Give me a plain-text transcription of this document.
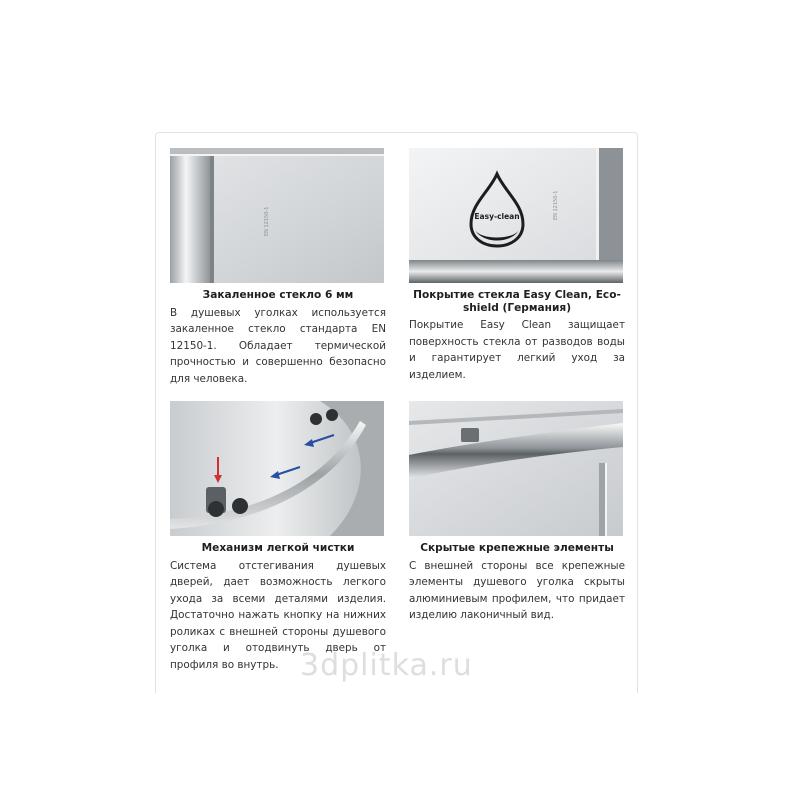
EN 12150-1
Закаленное стекло 6 мм
В душевых уголках используется закаленное стекло стандарта EN 12150-1. Обладает термической прочностью и совершенно безопасно для человека.
Easy-clean	EN 12150-1
Покрытие стекла Easy Clean, Eco-shield (Германия)
Покрытие Easy Clean защищает поверхность стекла от разводов воды и гарантирует легкий уход за изделием.
Механизм легкой чистки
Система отстегивания душевых дверей, дает возможность легкого ухода за всеми деталями изделия. Достаточно нажать кнопку на нижних роликах с внешней стороны душевого уголка и отодвинуть дверь от профиля во внутрь.
Скрытые крепежные элементы
С внешней стороны все крепежные элементы душевого уголка скрыты алюминиевым профилем, что придает изделию лаконичный вид.
3dplitka.ru
